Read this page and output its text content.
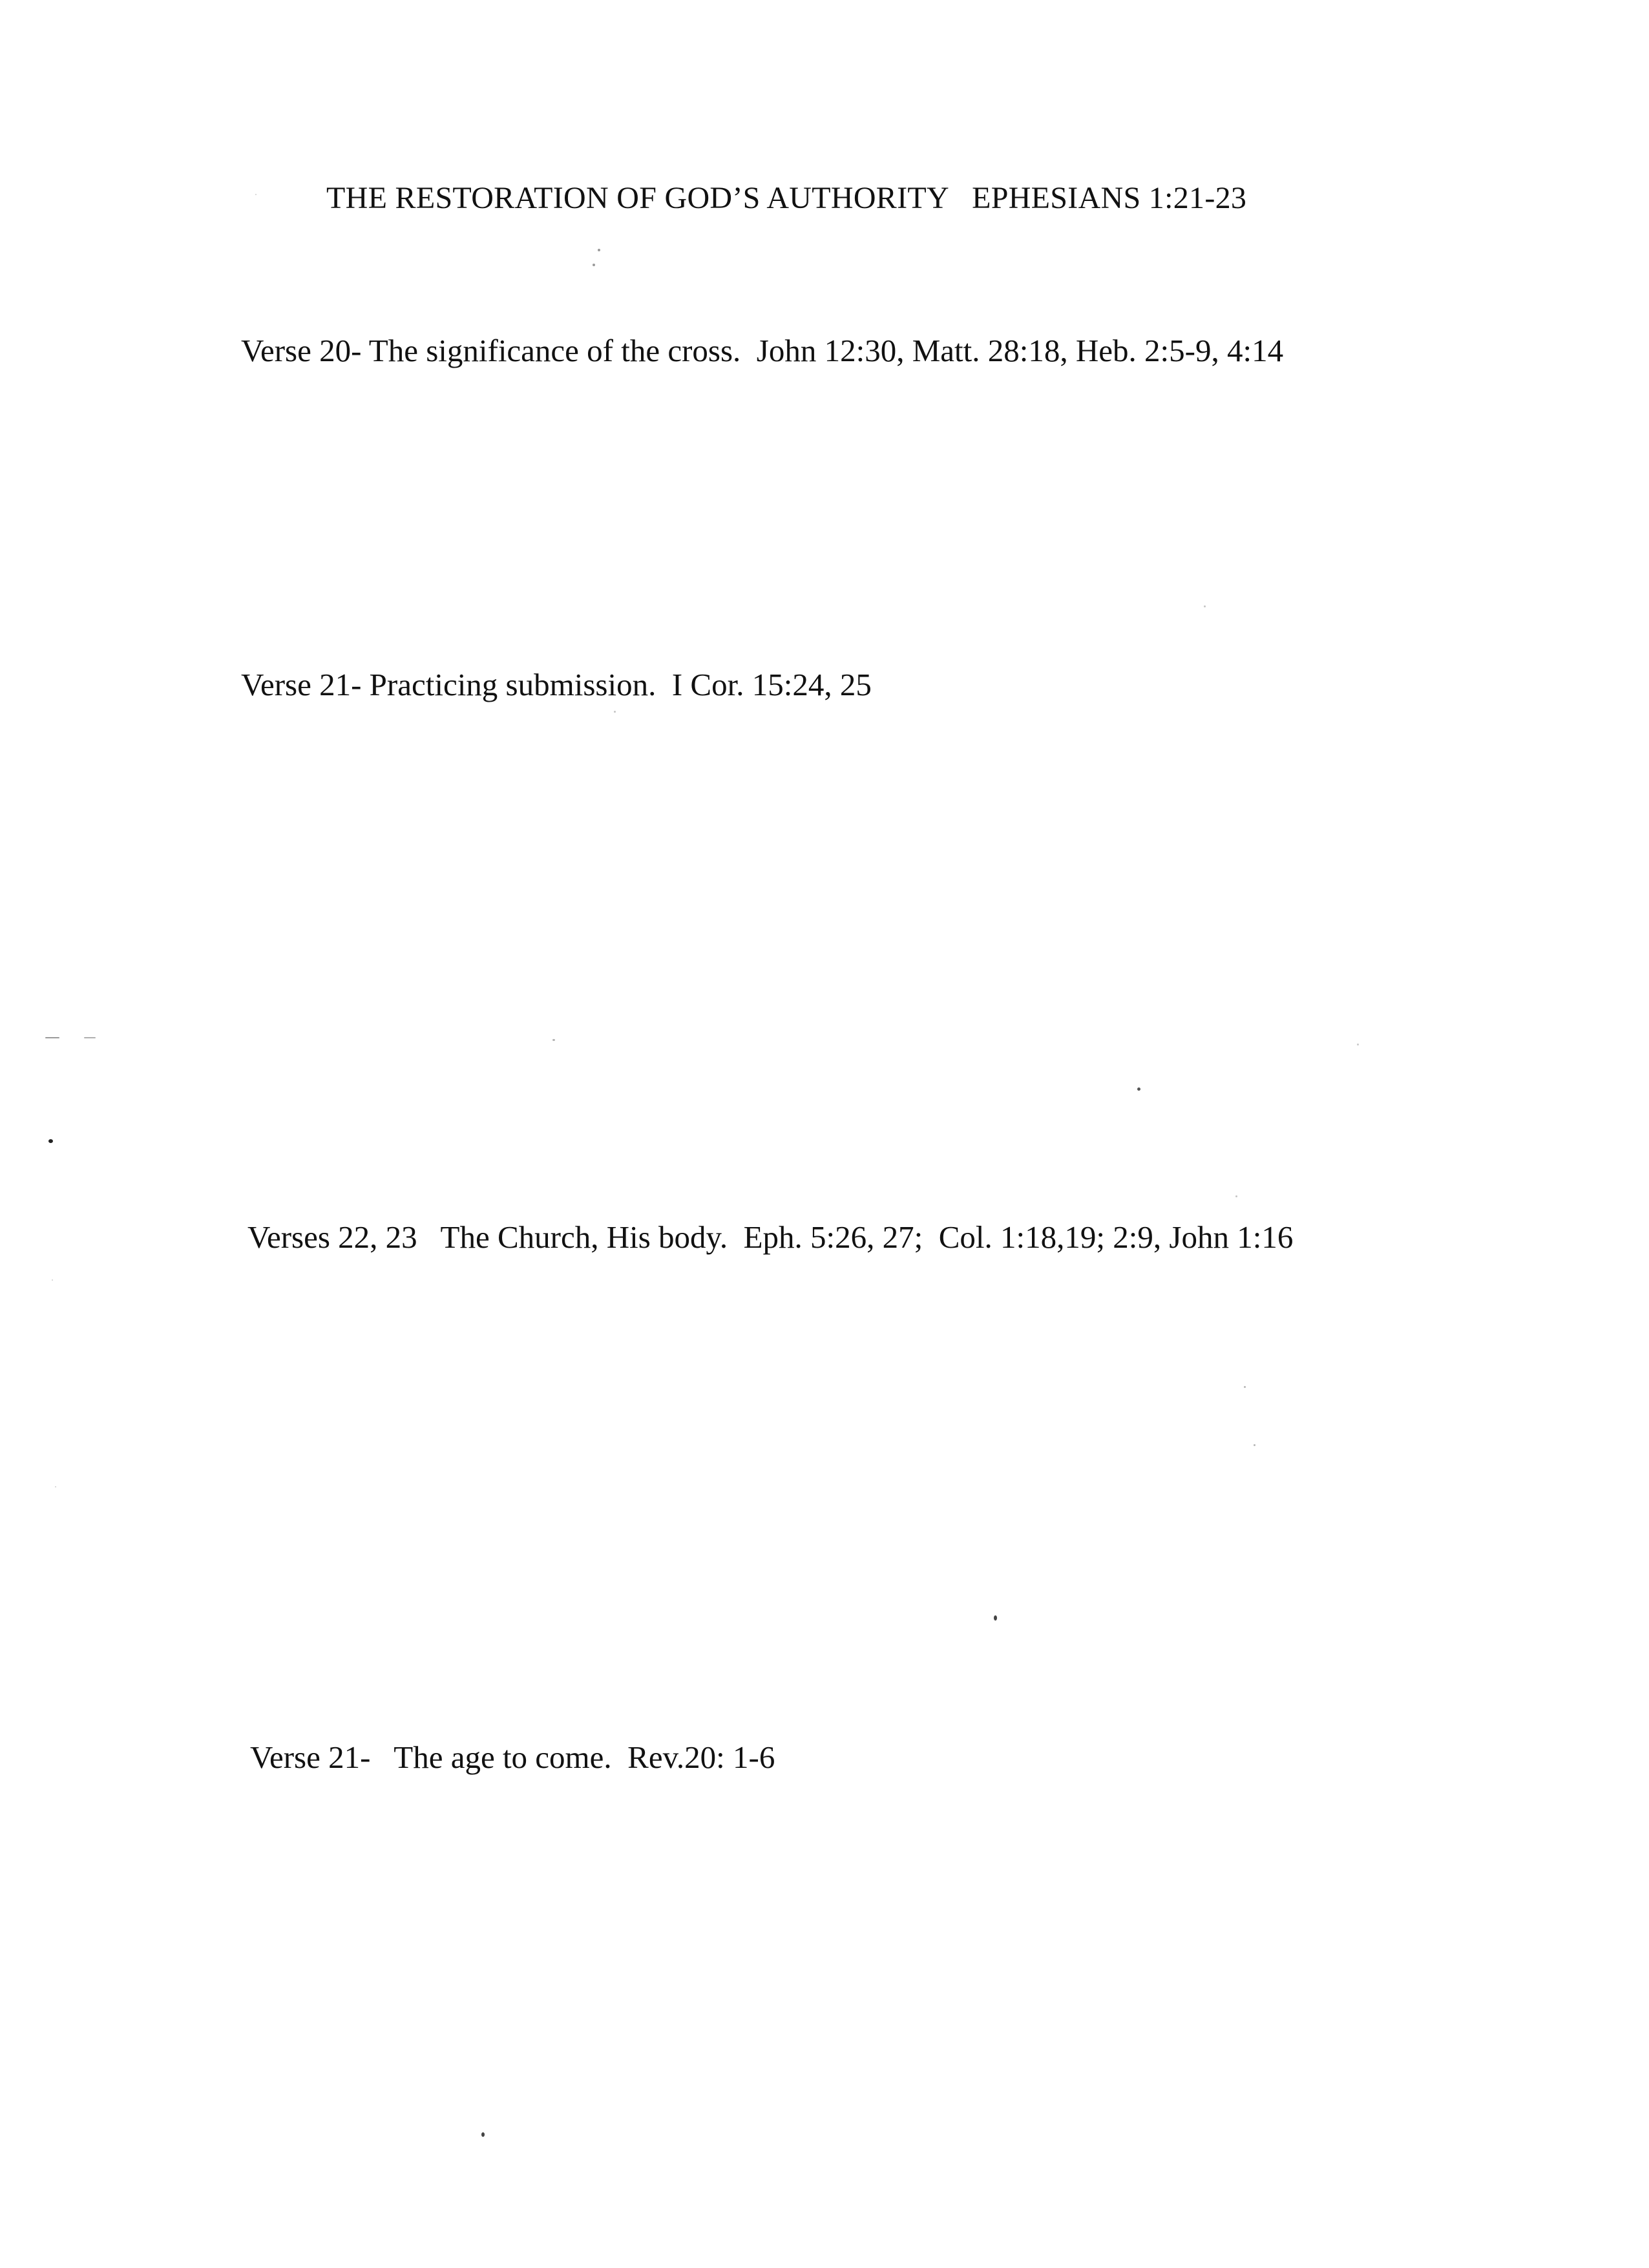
THE RESTORATION OF GOD’S AUTHORITY   EPHESIANS 1:21-23
Verse 20- The significance of the cross.  John 12:30, Matt. 28:18, Heb. 2:5-9, 4:14
Verse 21- Practicing submission.  I Cor. 15:24, 25
Verses 22, 23   The Church, His body.  Eph. 5:26, 27;  Col. 1:18,19; 2:9, John 1:16
Verse 21-   The age to come.  Rev.20: 1-6
